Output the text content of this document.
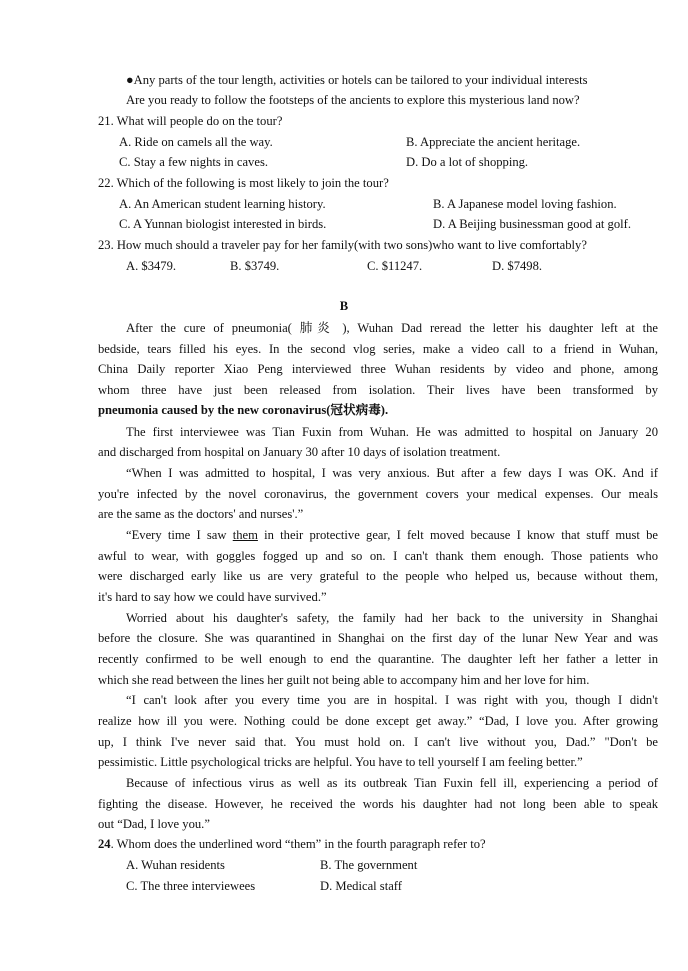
●Any parts of the tour length, activities or hotels can be tailored to your individual interests
Are you ready to follow the footsteps of the ancients to explore this mysterious land now?
21. What will people do on the tour?
A. Ride on camels all the way.	B. Appreciate the ancient heritage.
C. Stay a few nights in caves.	D. Do a lot of shopping.
22. Which of the following is most likely to join the tour?
A. An American student learning history.	B. A Japanese model loving fashion.
C. A Yunnan biologist interested in birds.	D. A Beijing businessman good at golf.
23. How much should a traveler pay for her family(with two sons)who want to live comfortably?
A. $3479.	B. $3749.	C. $11247.	D. $7498.
B
After the cure of pneumonia( 肺炎 ), Wuhan Dad reread the letter his daughter left at the
bedside, tears filled his eyes. In the second vlog series, make a video call to a friend in Wuhan,
China Daily reporter Xiao Peng interviewed three Wuhan residents by video and phone, among
whom three have just been released from isolation. Their lives have been transformed by
pneumonia caused by the new coronavirus(冠状病毒).
The first interviewee was Tian Fuxin from Wuhan. He was admitted to hospital on January 20
and discharged from hospital on January 30 after 10 days of isolation treatment.
“When I was admitted to hospital, I was very anxious. But after a few days I was OK. And if
you're infected by the novel coronavirus, the government covers your medical expenses. Our meals
are the same as the doctors' and nurses'.”
“Every time I saw them in their protective gear, I felt moved because I know that stuff must be
awful to wear, with goggles fogged up and so on. I can't thank them enough. Those patients who
were discharged early like us are very grateful to the people who helped us, because without them,
it's hard to say how we could have survived.”
Worried about his daughter's safety, the family had her back to the university in Shanghai
before the closure. She was quarantined in Shanghai on the first day of the lunar New Year and was
recently confirmed to be well enough to end the quarantine. The daughter left her father a letter in
which she read between the lines her guilt not being able to accompany him and her love for him.
“I can't look after you every time you are in hospital. I was right with you, though I didn't
realize how ill you were. Nothing could be done except get away.” “Dad, I love you. After growing
up, I think I've never said that. You must hold on. I can't live without you, Dad.” "Don't be
pessimistic. Little psychological tricks are helpful. You have to tell yourself I am feeling better.”
Because of infectious virus as well as its outbreak Tian Fuxin fell ill, experiencing a period of
fighting the disease. However, he received the words his daughter had not long been able to speak
out “Dad, I love you.”
24. Whom does the underlined word “them” in the fourth paragraph refer to?
A. Wuhan residents	B. The government
C. The three interviewees	D. Medical staff
